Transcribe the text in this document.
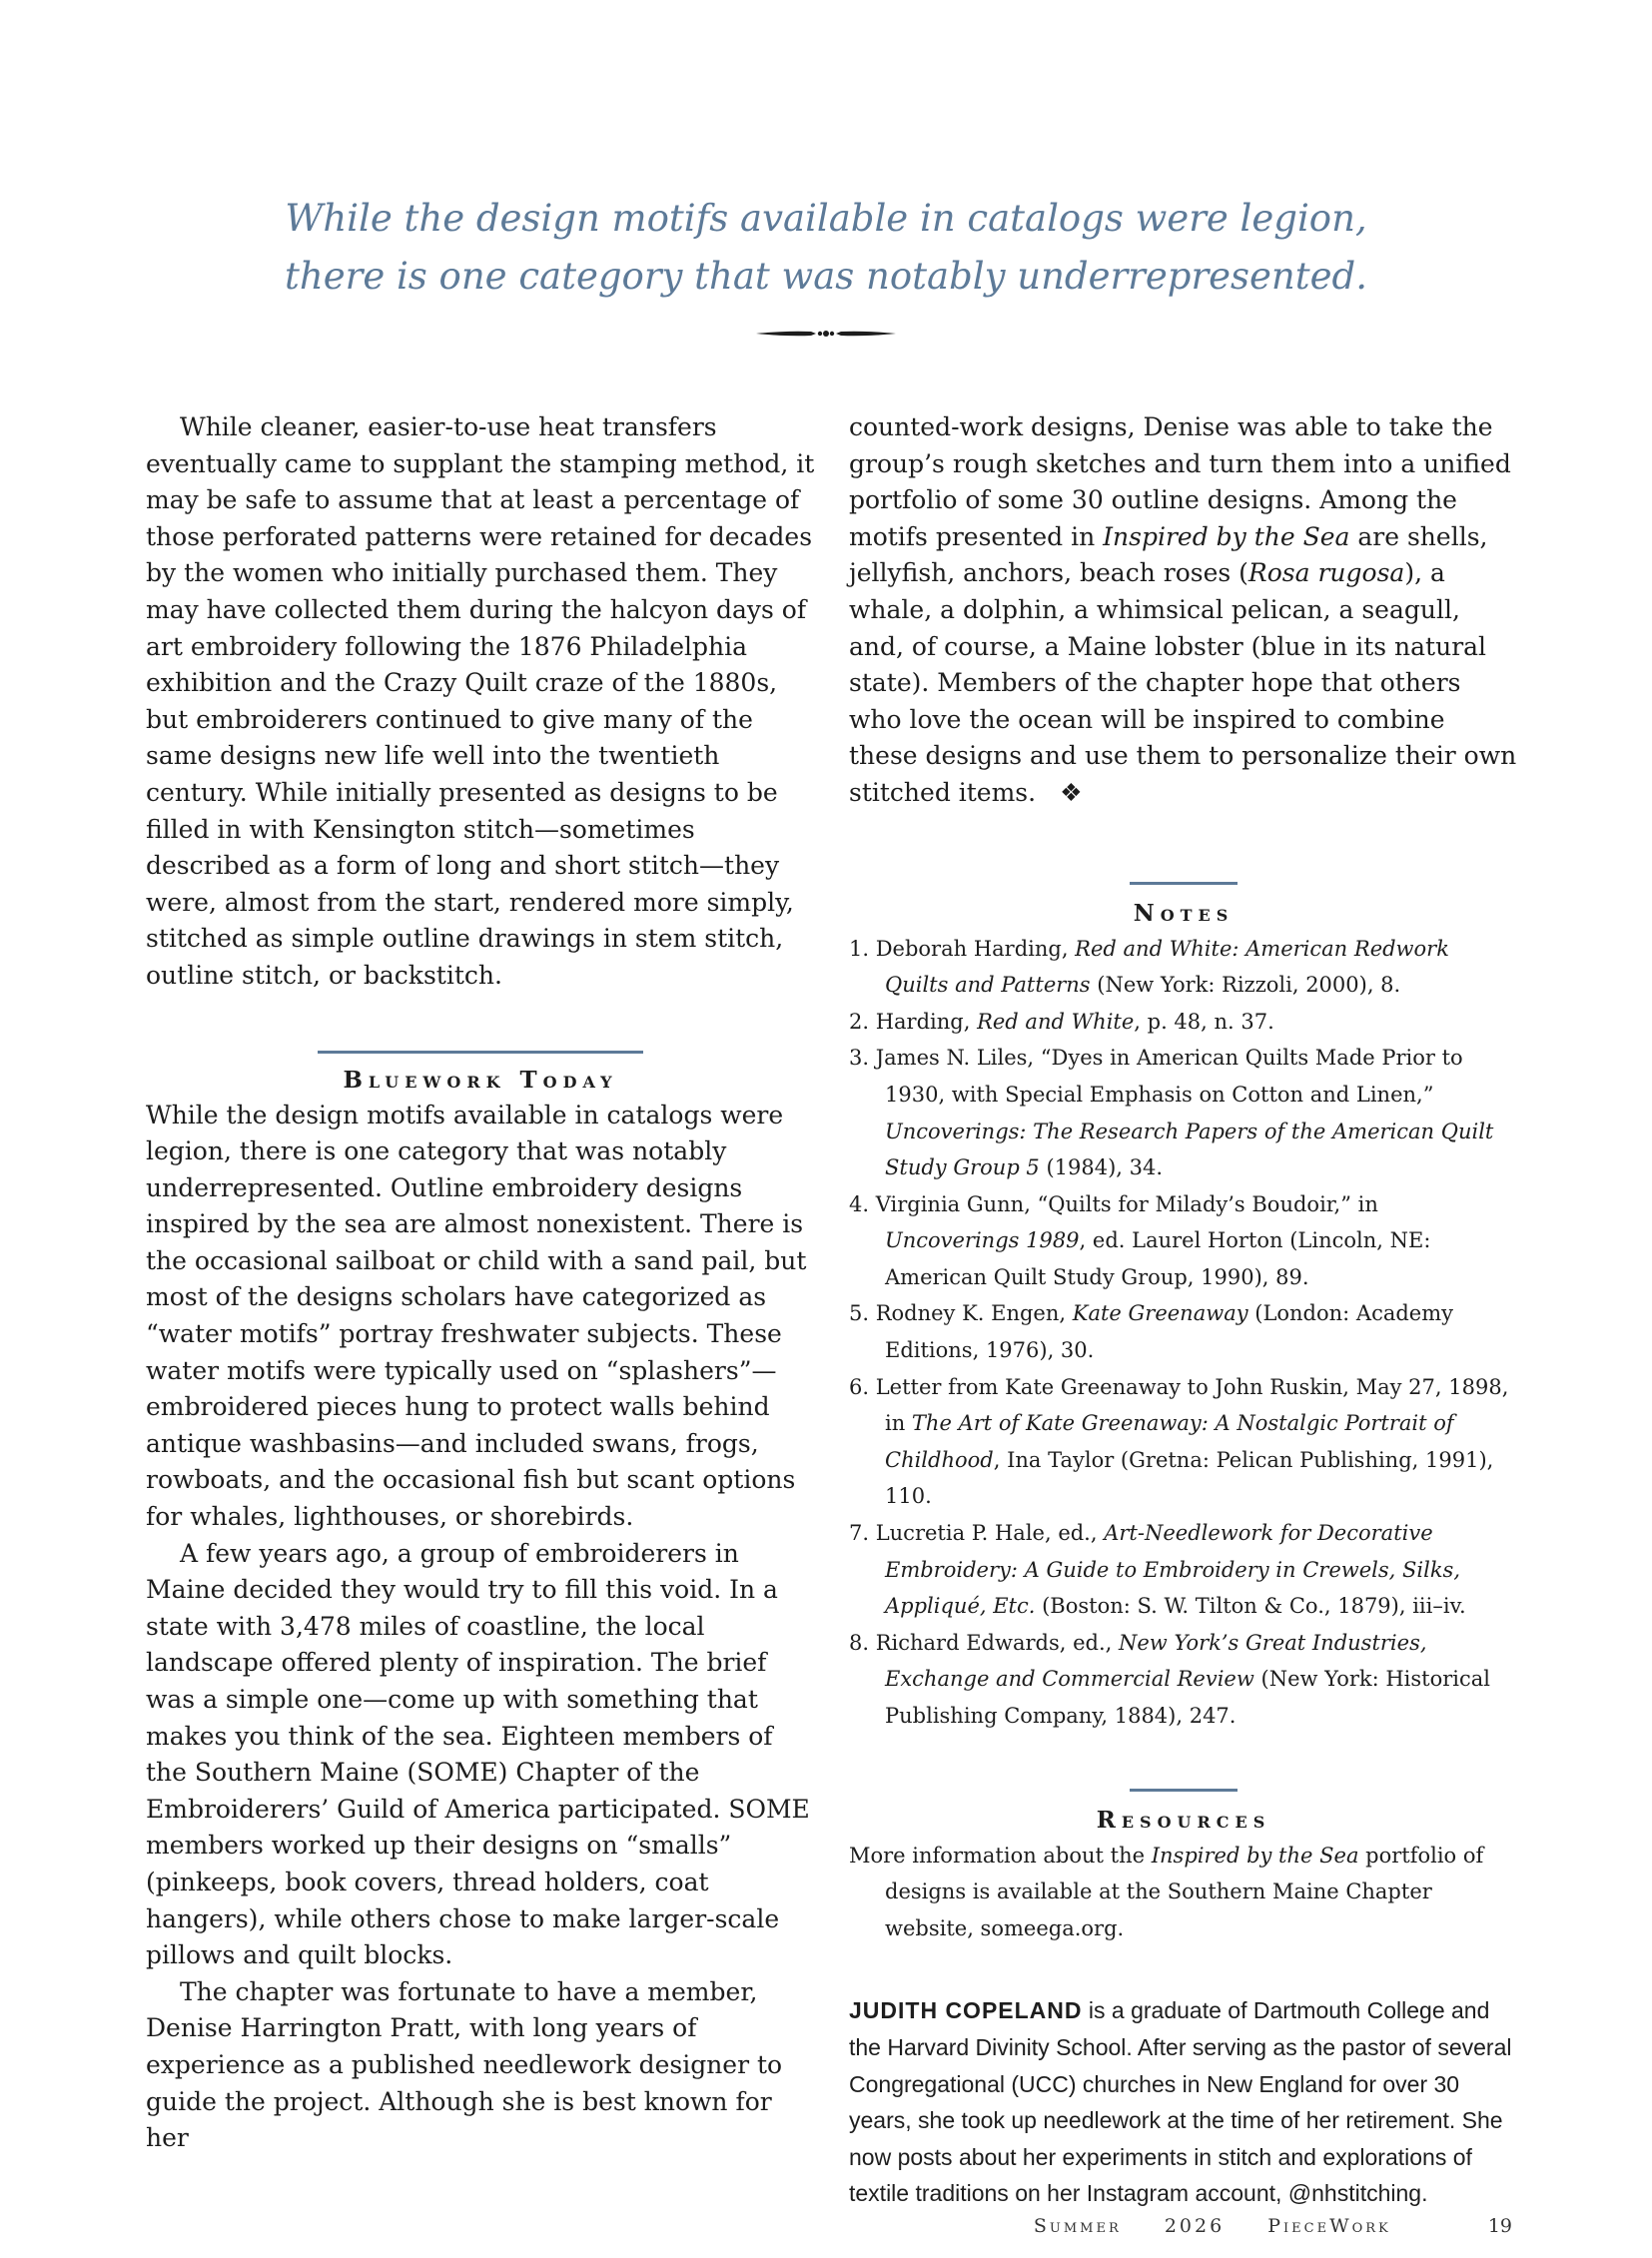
While the design motifs available in catalogs were legion,

there is one category that was notably underrepresented.

While cleaner, easier-to-use heat transfers eventually came to supplant the stamping method, it may be safe to assume that at least a percentage of those perforated patterns were retained for decades by the women who initially purchased them. They may have collected them during the halcyon days of art embroidery following the 1876 Philadelphia exhibition and the Crazy Quilt craze of the 1880s, but embroiderers continued to give many of the same designs new life well into the twentieth century. While initially presented as designs to be filled in with Kensington stitch—sometimes described as a form of long and short stitch—they were, almost from the start, rendered more simply, stitched as simple outline drawings in stem stitch, outline stitch, or backstitch.

Bluework Today

While the design motifs available in catalogs were legion, there is one category that was notably underrepresented. Outline embroidery designs inspired by the sea are almost nonexistent. There is the occasional sailboat or child with a sand pail, but most of the designs scholars have categorized as “water motifs” portray freshwater subjects. These water motifs were typically used on “splashers”—embroidered pieces hung to protect walls behind antique washbasins—and included swans, frogs, rowboats, and the occasional fish but scant options for whales, lighthouses, or shorebirds.

A few years ago, a group of embroiderers in Maine decided they would try to fill this void. In a state with 3,478 miles of coastline, the local landscape offered plenty of inspiration. The brief was a simple one—come up with something that makes you think of the sea. Eighteen members of the Southern Maine (SOME) Chapter of the Embroiderers’ Guild of America participated. SOME members worked up their designs on “smalls” (pinkeeps, book covers, thread holders, coat hangers), while others chose to make larger-scale pillows and quilt blocks.

The chapter was fortunate to have a member, Denise Harrington Pratt, with long years of experience as a published needlework designer to guide the project. Although she is best known for her

counted-work designs, Denise was able to take the group’s rough sketches and turn them into a unified portfolio of some 30 outline designs. Among the motifs presented in Inspired by the Sea are shells, jellyfish, anchors, beach roses (Rosa rugosa), a whale, a dolphin, a whimsical pelican, a seagull, and, of course, a Maine lobster (blue in its natural state). Members of the chapter hope that others who love the ocean will be inspired to combine these designs and use them to personalize their own stitched items. ❖

Notes
1. Deborah Harding, Red and White: American Redwork Quilts and Patterns (New York: Rizzoli, 2000), 8.
2. Harding, Red and White, p. 48, n. 37.
3. James N. Liles, “Dyes in American Quilts Made Prior to 1930, with Special Emphasis on Cotton and Linen,” Uncoverings: The Research Papers of the American Quilt Study Group 5 (1984), 34.
4. Virginia Gunn, “Quilts for Milady’s Boudoir,” in Uncoverings 1989, ed. Laurel Horton (Lincoln, NE: American Quilt Study Group, 1990), 89.
5. Rodney K. Engen, Kate Greenaway (London: Academy Editions, 1976), 30.
6. Letter from Kate Greenaway to John Ruskin, May 27, 1898, in The Art of Kate Greenaway: A Nostalgic Portrait of Childhood, Ina Taylor (Gretna: Pelican Publishing, 1991), 110.
7. Lucretia P. Hale, ed., Art-Needlework for Decorative Embroidery: A Guide to Embroidery in Crewels, Silks, Appliqué, Etc. (Boston: S. W. Tilton & Co., 1879), iii–iv.
8. Richard Edwards, ed., New York’s Great Industries, Exchange and Commercial Review (New York: Historical Publishing Company, 1884), 247.
Resources

More information about the Inspired by the Sea portfolio of designs is available at the Southern Maine Chapter website, someega.org.

JUDITH COPELAND is a graduate of Dartmouth College and the Harvard Divinity School. After serving as the pastor of several Congregational (UCC) churches in New England for over 30 years, she took up needlework at the time of her retirement. She now posts about her experiments in stitch and explorations of textile traditions on her Instagram account, @nhstitching.

Summer 2026 PieceWork	19
